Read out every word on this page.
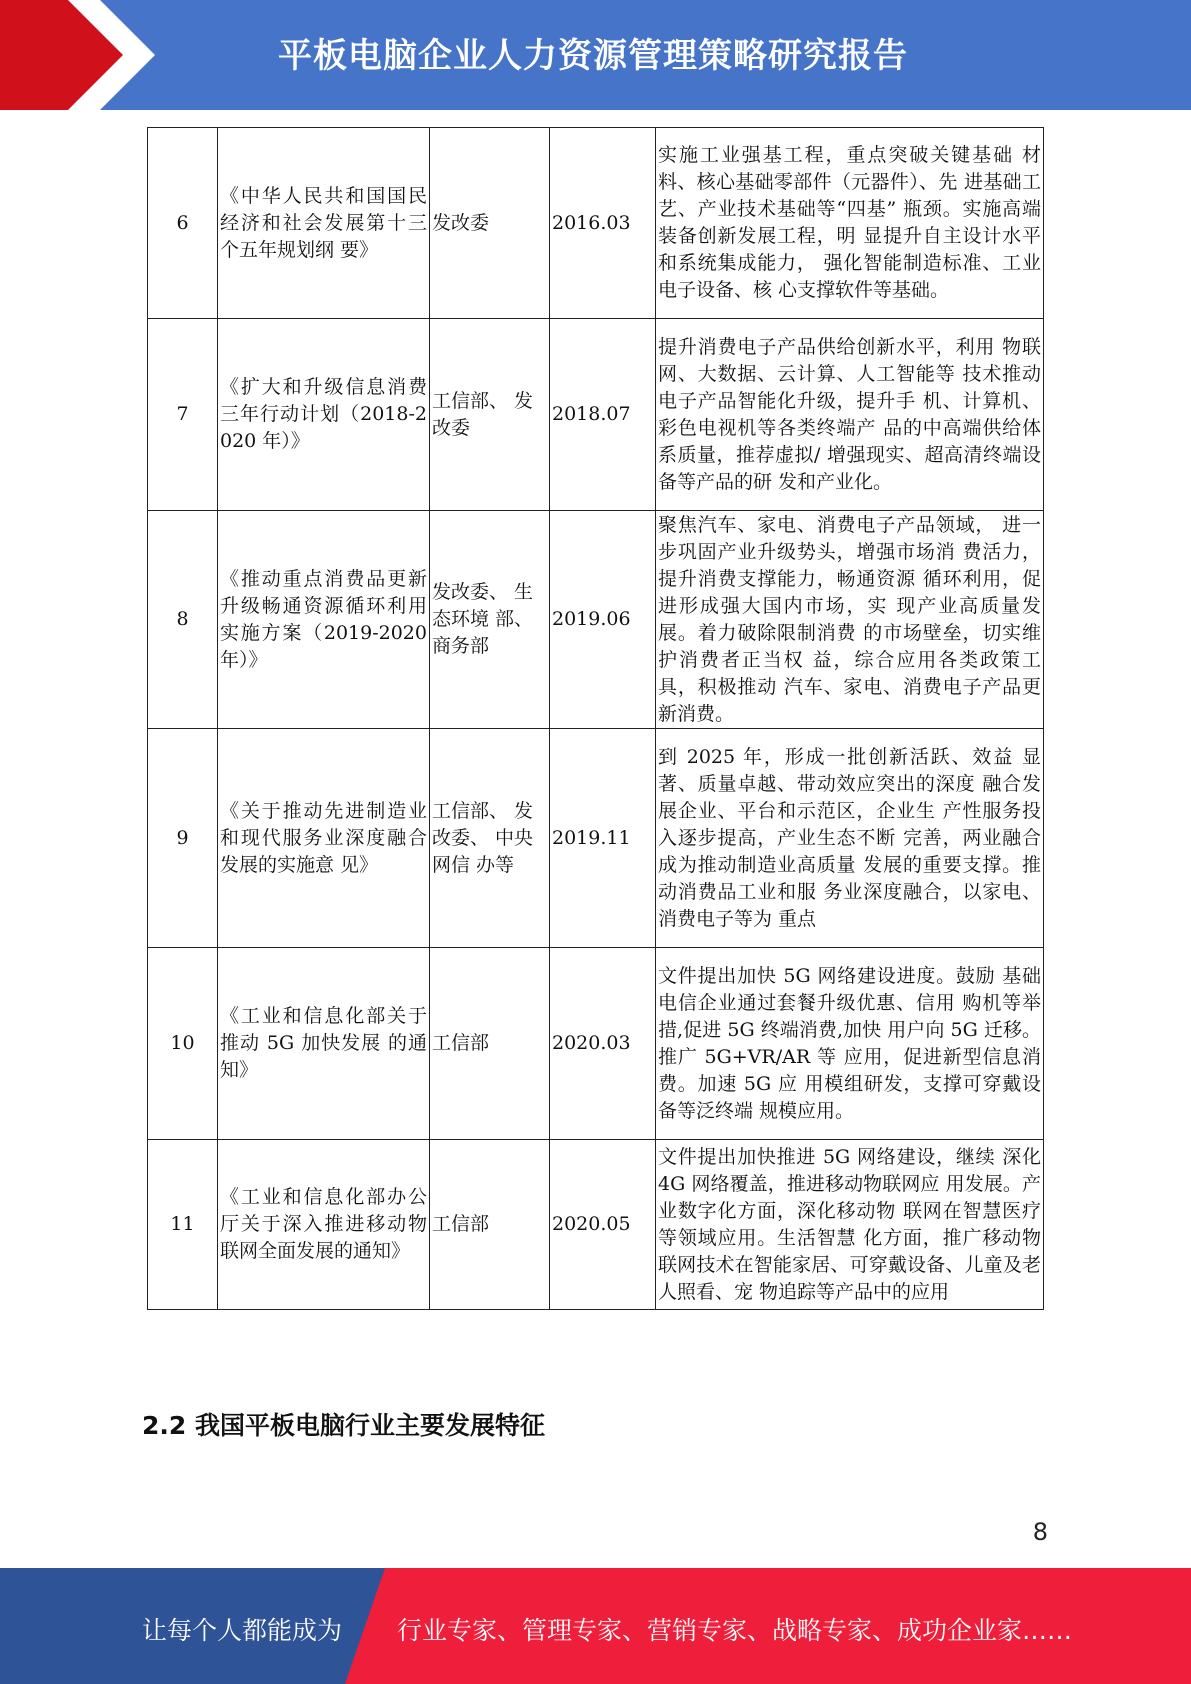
平板电脑企业人力资源管理策略研究报告
6	《中华人民共和国国民经济和社会发展第十三个五年规划纲 要》	发改委	2016.03	实施工业强基工程，重点突破关键基础 材料、核心基础零部件（元器件）、先 进基础工艺、产业技术基础等“四基” 瓶颈。实施高端装备创新发展工程，明 显提升自主设计水平和系统集成能力， 强化智能制造标准、工业电子设备、核 心支撑软件等基础。
7	《扩大和升级信息消费三年行动计划（2018-2020 年）》	工信部、 发改委	2018.07	提升消费电子产品供给创新水平，利用 物联网、大数据、云计算、人工智能等 技术推动电子产品智能化升级，提升手 机、计算机、彩色电视机等各类终端产 品的中高端供给体系质量，推荐虚拟/ 增强现实、超高清终端设备等产品的研 发和产业化。
8	《推动重点消费品更新升级畅通资源循环利用实施方案（2019-2020 年）》	发改委、 生态环境 部、商务部	2019.06	聚焦汽车、家电、消费电子产品领域， 进一步巩固产业升级势头，增强市场消 费活力，提升消费支撑能力，畅通资源 循环利用，促进形成强大国内市场，实 现产业高质量发展。着力破除限制消费 的市场壁垒，切实维护消费者正当权 益，综合应用各类政策工具，积极推动 汽车、家电、消费电子产品更新消费。
9	《关于推动先进制造业和现代服务业深度融合发展的实施意 见》	工信部、 发改委、 中央网信 办等	2019.11	到 2025 年，形成一批创新活跃、效益 显著、质量卓越、带动效应突出的深度 融合发展企业、平台和示范区，企业生 产性服务投入逐步提高，产业生态不断 完善，两业融合成为推动制造业高质量 发展的重要支撑。推动消费品工业和服 务业深度融合，以家电、消费电子等为 重点
10	《工业和信息化部关于推动 5G 加快发展 的通知》	工信部	2020.03	文件提出加快 5G 网络建设进度。鼓励 基础电信企业通过套餐升级优惠、信用 购机等举措,促进 5G 终端消费,加快 用户向 5G 迁移。推广 5G+VR/AR 等 应用，促进新型信息消费。加速 5G 应 用模组研发，支撑可穿戴设备等泛终端 规模应用。
11	《工业和信息化部办公厅关于深入推进移动物联网全面发展的通知》	工信部	2020.05	文件提出加快推进 5G 网络建设，继续 深化 4G 网络覆盖，推进移动物联网应 用发展。产业数字化方面，深化移动物 联网在智慧医疗等领域应用。生活智慧 化方面，推广移动物联网技术在智能家居、可穿戴设备、儿童及老人照看、宠 物追踪等产品中的应用
2.2 我国平板电脑行业主要发展特征
8
让每个人都能成为 行业专家、管理专家、营销专家、战略专家、成功企业家……
